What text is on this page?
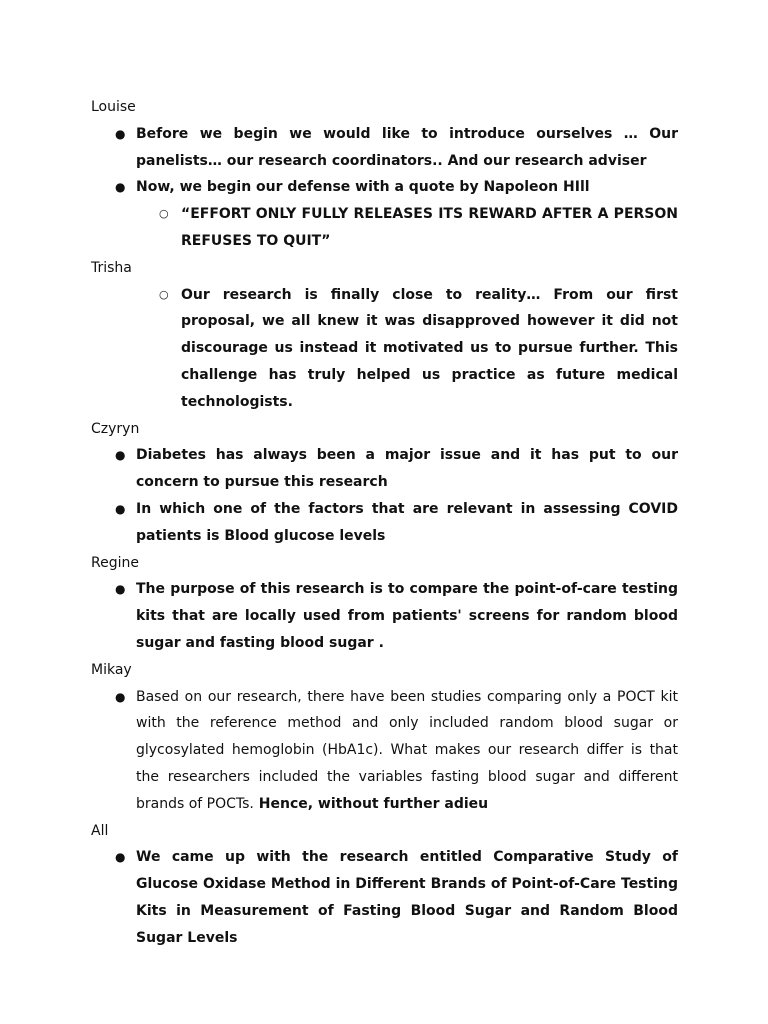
Louise
● Before we begin we would like to introduce ourselves … Our panelists… our research coordinators.. And our research adviser
● Now, we begin our defense with a quote by Napoleon HIll
○ “EFFORT ONLY FULLY RELEASES ITS REWARD AFTER A PERSON REFUSES TO QUIT”
Trisha
○ Our research is finally close to reality… From our first proposal, we all knew it was disapproved however it did not discourage us instead it motivated us to pursue further. This challenge has truly helped us practice as future medical technologists.
Czyryn
● Diabetes has always been a major issue and it has put to our concern to pursue this research
● In which one of the factors that are relevant in assessing COVID patients is Blood glucose levels
Regine
● The purpose of this research is to compare the point-of-care testing kits that are locally used from patients' screens for random blood sugar and fasting blood sugar .
Mikay
● Based on our research, there have been studies comparing only a POCT kit with the reference method and only included random blood sugar or glycosylated hemoglobin (HbA1c). What makes our research differ is that the researchers included the variables fasting blood sugar and different brands of POCTs. Hence, without further adieu
All
● We came up with the research entitled Comparative Study of Glucose Oxidase Method in Different Brands of Point-of-Care Testing Kits in Measurement of Fasting Blood Sugar and Random Blood Sugar Levels
